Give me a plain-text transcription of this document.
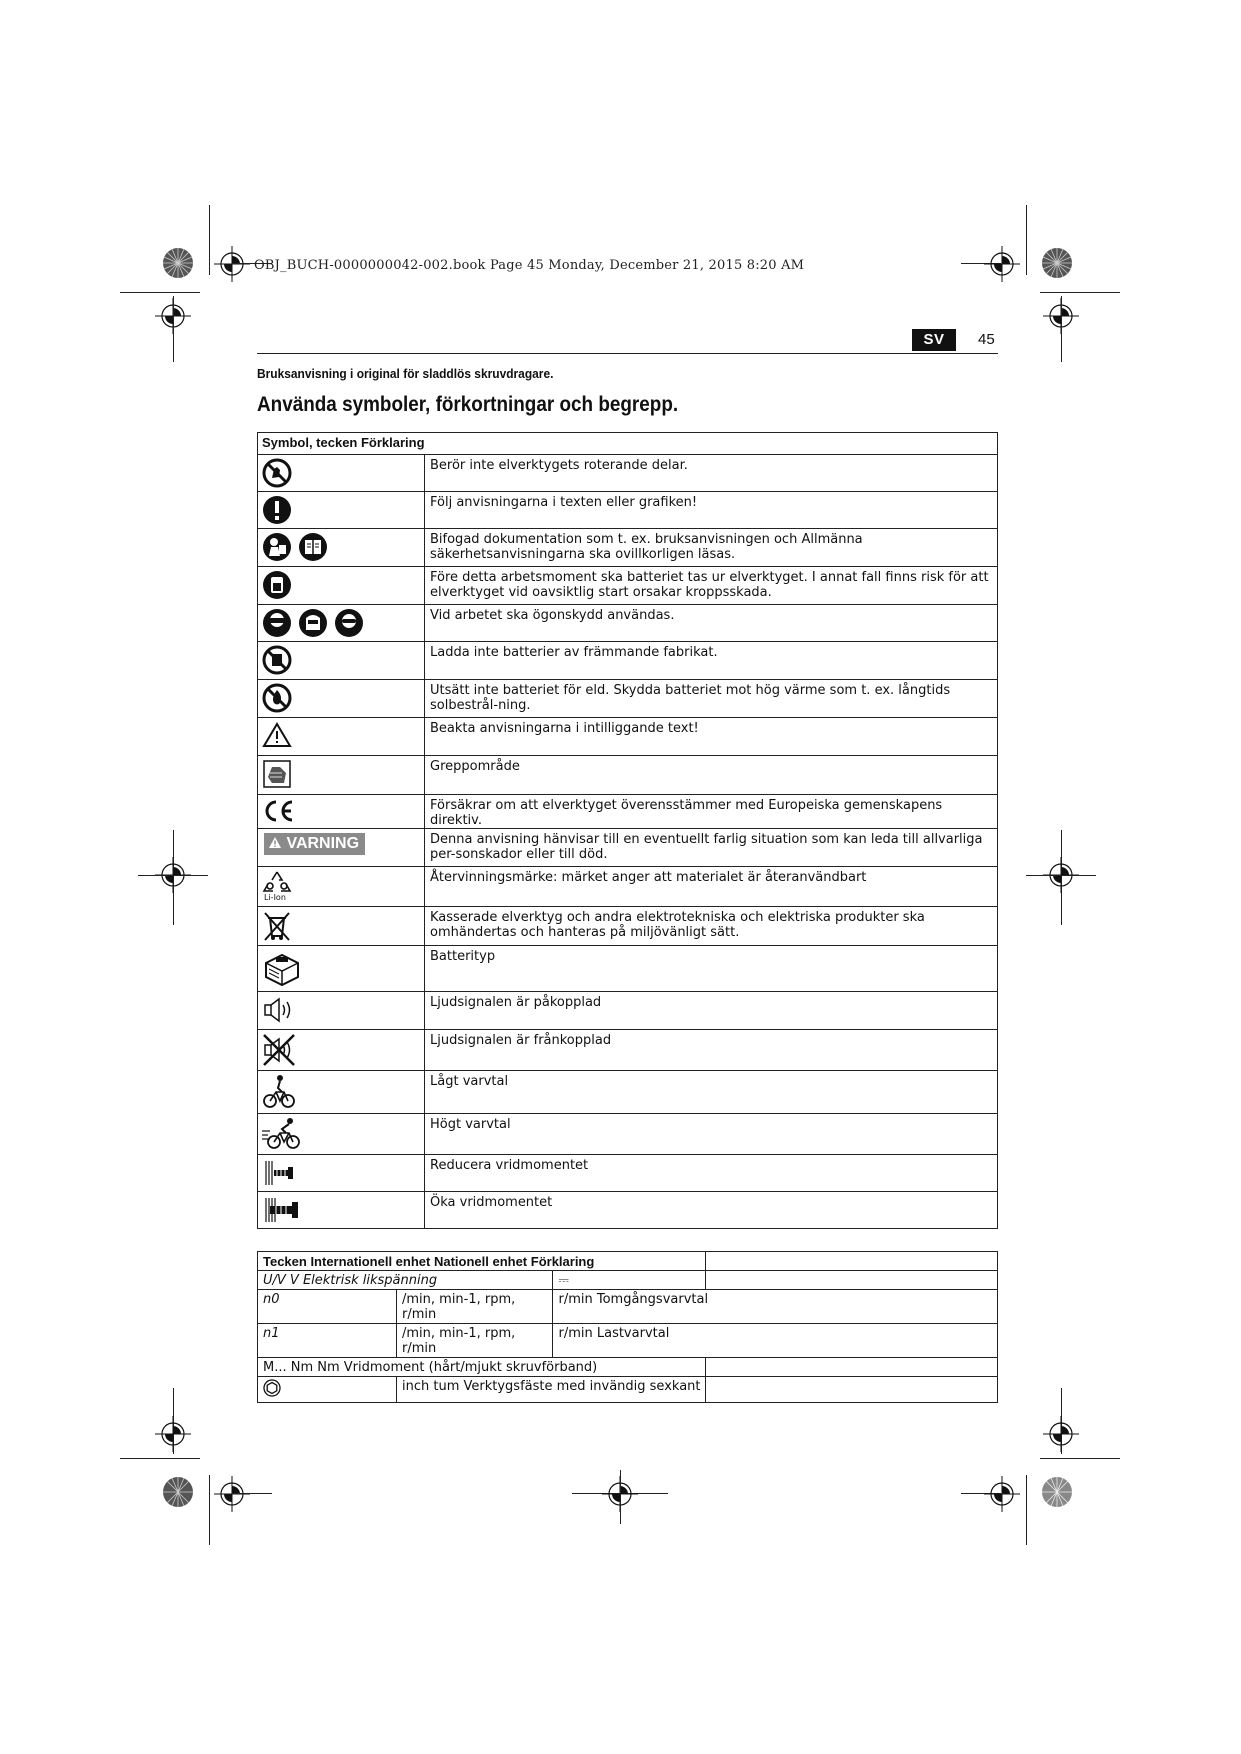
OBJ_BUCH-0000000042-002.book Page 45 Monday, December 21, 2015 8:20 AM
SV	45
Bruksanvisning i original för sladdlös skruvdragare.
Använda symboler, förkortningar och begrepp.
Symbol, tecken Förklaring	

	Berör inte elverktygets roterande delar.

	Följ anvisningarna i texten eller grafiken!

	Bifogad dokumentation som t. ex. bruksanvisningen och Allmänna säkerhetsanvisningarna ska ovillkorligen läsas.

	Före detta arbetsmoment ska batteriet tas ur elverktyget. I annat fall finns risk för att elverktyget vid oavsiktlig start orsakar kroppsskada.

	Vid arbetet ska ögonskydd användas.

	Ladda inte batterier av främmande fabrikat.

	Utsätt inte batteriet för eld. Skydda batteriet mot hög värme som t. ex. långtids solbestrål-ning.

	Beakta anvisningarna i intilliggande text!

	Greppområde

	Försäkrar om att elverktyget överensstämmer med Europeiska gemenskapens direktiv.
VARNING	Denna anvisning hänvisar till en eventuellt farlig situation som kan leda till allvarliga per-sonskador eller till död.

Li-Ion	Återvinningsmärke: märket anger att materialet är återanvändbart

	Kasserade elverktyg och andra elektrotekniska och elektriska produkter ska omhändertas och hanteras på miljövänligt sätt.

	Batterityp

	Ljudsignalen är påkopplad

	Ljudsignalen är frånkopplad

	Lågt varvtal

	Högt varvtal

	Reducera vridmomentet

	Öka vridmomentet
Tecken Internationell enhet Nationell enhet Förklaring			
U/V V Elektrisk likspänning		⎓	
n0	/min, min-1, rpm, r/min	r/min Tomgångsvarvtal	
n1	/min, min-1, rpm, r/min	r/min Lastvarvtal	
M... Nm Nm Vridmoment (hårt/mjukt skruvförband)			
	inch tum Verktygsfäste med invändig sexkant		
